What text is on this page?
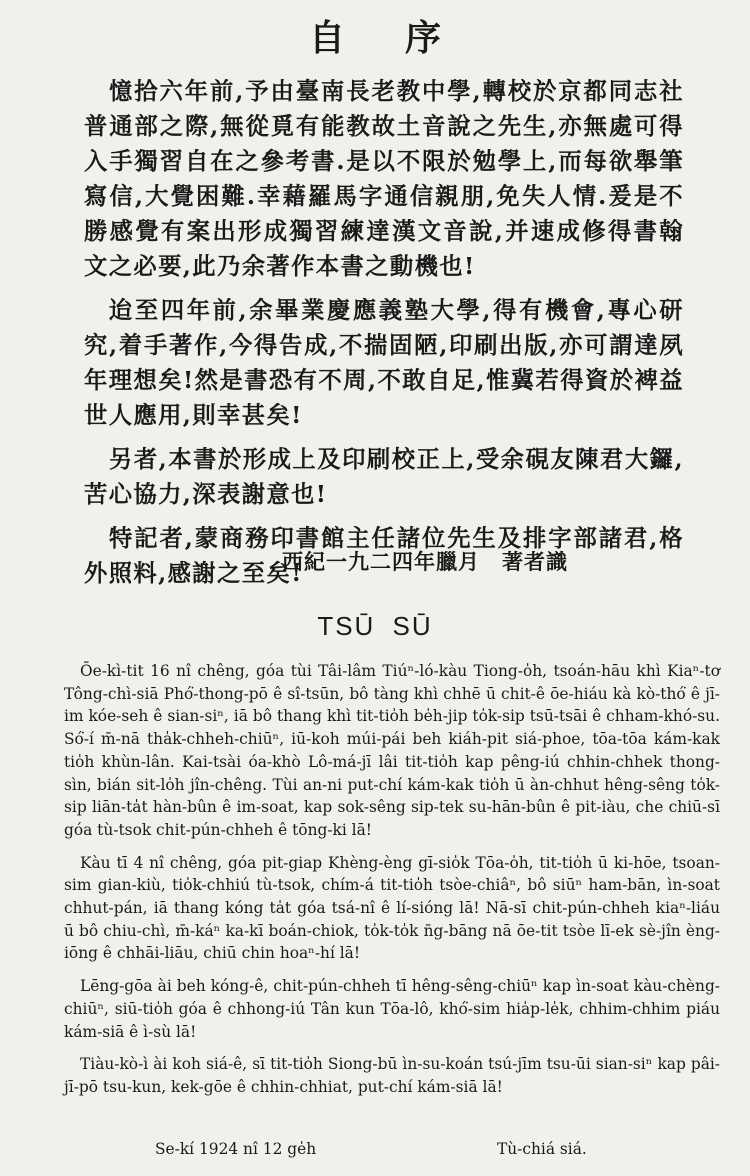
自序

憶拾六年前,予由臺南長老教中學,轉校於京都同志社普通部之際,無從覓有能教故土音說之先生,亦無處可得入手獨習自在之參考書.是以不限於勉學上,而每欲舉筆寫信,大覺困難.幸藉羅馬字通信親朋,免失人情.爰是不勝感覺有案出形成獨習練達漢文音說,并速成修得書翰文之必要,此乃余著作本書之動機也!

迨至四年前,余畢業慶應義塾大學,得有機會,專心研究,着手著作,今得告成,不揣固陋,印刷出版,亦可謂達夙年理想矣!然是書恐有不周,不敢自足,惟冀若得資於裨益世人應用,則幸甚矣!

另者,本書於形成上及印刷校正上,受余硯友陳君大鑼,苦心協力,深表謝意也!

特記者,蒙商務印書館主任諸位先生及排字部諸君,格外照料,感謝之至矣!

西紀一九二四年臘月　著者識
TSŪ SŪ

Ōe-kì-tit 16 nî chêng, góa tùi Tâi-lâm Tiúⁿ-ló-kàu Tiong-o̍h, tsoán-hāu khì Kiaⁿ-tơ Tông-chì-siā Phó͘-thong-pō ê sî-tsūn, bô tàng khì chhē ū chit-ê ōe-hiáu kà kò-thó͘ ê jī-im kóe-seh ê sian-siⁿ, iā bô thang khì tit-tio̍h be̍h-jip to̍k-sip tsū-tsāi ê chham-khó-su. Só͘-í m̄-nā tha̍k-chheh-chiūⁿ, iū-koh múi-pái beh kiáh-pit siá-phoe, tōa-tōa kám-kak tio̍h khùn-lân. Kai-tsài óa-khò Lô-má-jī lâi tit-tio̍h kap pêng-iú chhin-chhek thong-sìn, bián sit-lo̍h jîn-chêng. Tùi an-ni put-chí kám-kak tio̍h ū àn-chhut hêng-sêng to̍k-sip liān-ta̍t hàn-bûn ê im-soat, kap sok-sêng sip-tek su-hān-bûn ê pit-iàu, che chiū-sī góa tù-tsok chit-pún-chheh ê tōng-ki lā!

Kàu tī 4 nî chêng, góa pit-giap Khèng-èng gī-sio̍k Tōa-o̍h, tit-tio̍h ū ki-hōe, tsoan-sim gian-kiù, tio̍k-chhiú tù-tsok, chím-á tit-tio̍h tsòe-chiâⁿ, bô siūⁿ ham-bān, ìn-soat chhut-pán, iā thang kóng ta̍t góa tsá-nî ê lí-sióng lā! Nā-sī chit-pún-chheh kiaⁿ-liáu ū bô chiu-chì, m̄-káⁿ ka-kī boán-chiok, to̍k-to̍k n̄g-bāng nā ōe-tit tsòe lī-ek sè-jîn èng-iōng ê chhāi-liāu, chiū chin hoaⁿ-hí lā!

Lēng-gōa ài beh kóng-ê, chit-pún-chheh tī hêng-sêng-chiūⁿ kap ìn-soat kàu-chèng-chiūⁿ, siū-tio̍h góa ê chhong-iú Tân kun Tōa-lô, khó͘-sim hia̍p-le̍k, chhim-chhim piáu kám-siā ê ì-sù lā!

Tiàu-kò-ì ài koh siá-ê, sī tit-tio̍h Siong-bū ìn-su-koán tsú-jīm tsu-ūi sian-siⁿ kap pâi-jī-pō tsu-kun, kek-gōe ê chhin-chhiat, put-chí kám-siā lā!

Se-kí 1924 nî 12 ge̍h	Tù-chiá siá.
